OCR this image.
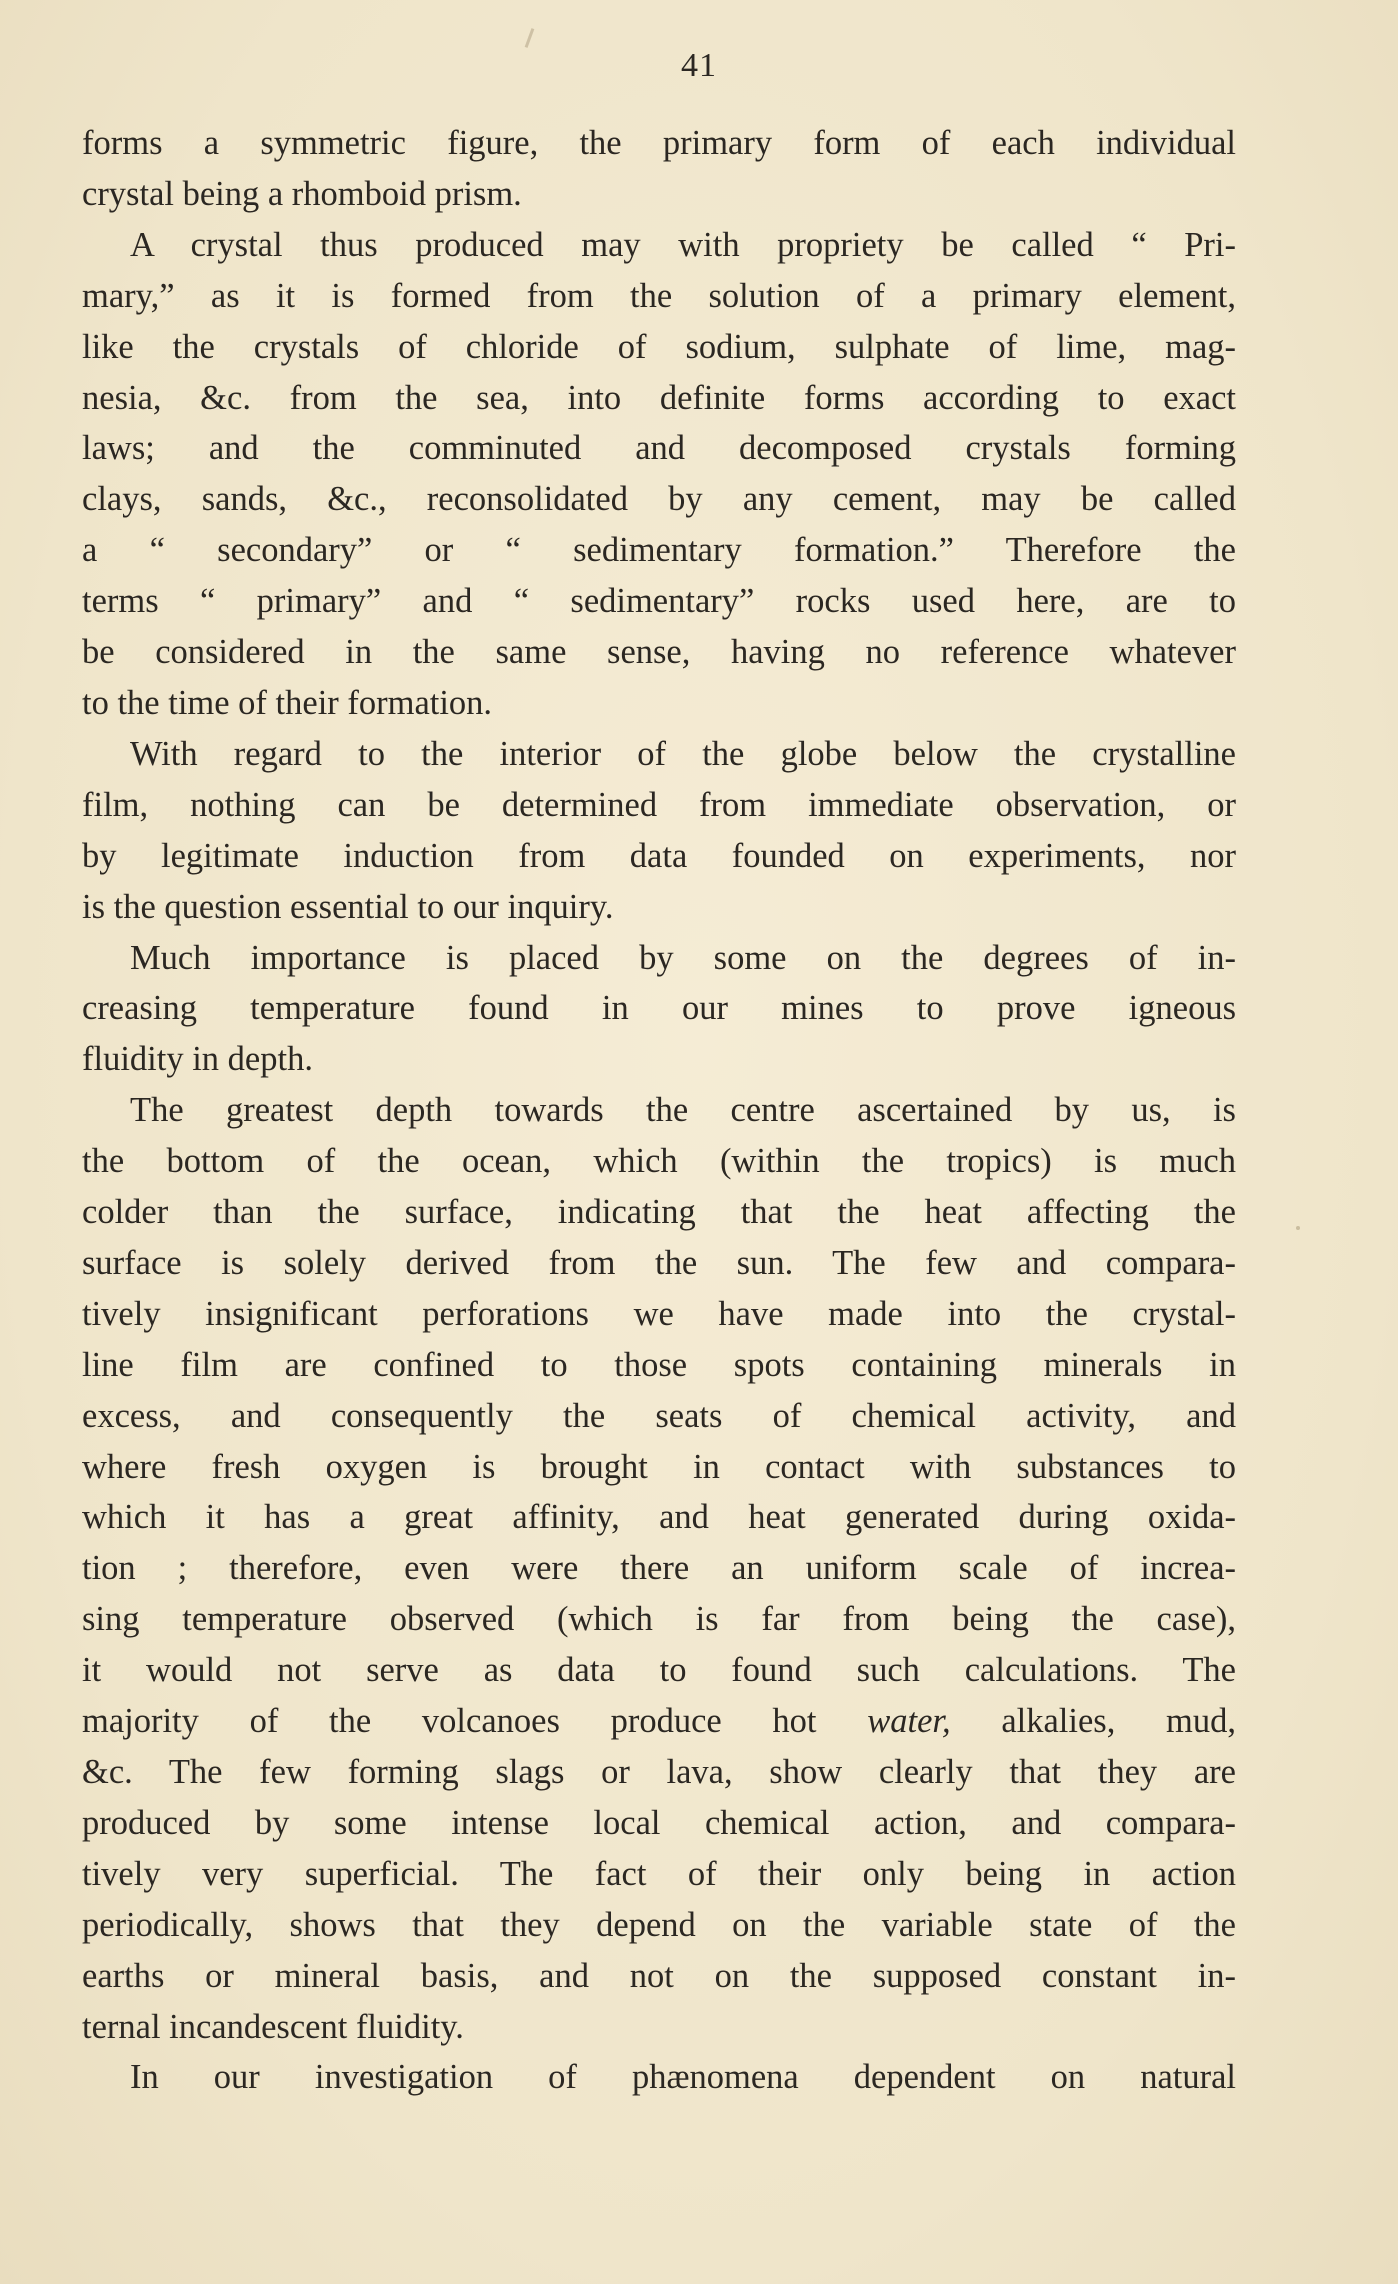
41
forms a symmetric figure, the primary form of each individual
crystal being a rhomboid prism.
A crystal thus produced may with propriety be called “ Pri-
mary,” as it is formed from the solution of a primary element,
like the crystals of chloride of sodium, sulphate of lime, mag-
nesia, &c. from the sea, into definite forms according to exact
laws; and the comminuted and decomposed crystals forming
clays, sands, &c., reconsolidated by any cement, may be called
a “ secondary” or “ sedimentary formation.” Therefore the
terms “ primary” and “ sedimentary” rocks used here, are to
be considered in the same sense, having no reference whatever
to the time of their formation.
With regard to the interior of the globe below the crystalline
film, nothing can be determined from immediate observation, or
by legitimate induction from data founded on experiments, nor
is the question essential to our inquiry.
Much importance is placed by some on the degrees of in-
creasing temperature found in our mines to prove igneous
fluidity in depth.
The greatest depth towards the centre ascertained by us, is
the bottom of the ocean, which (within the tropics) is much
colder than the surface, indicating that the heat affecting the
surface is solely derived from the sun. The few and compara-
tively insignificant perforations we have made into the crystal-
line film are confined to those spots containing minerals in
excess, and consequently the seats of chemical activity, and
where fresh oxygen is brought in contact with substances to
which it has a great affinity, and heat generated during oxida-
tion ; therefore, even were there an uniform scale of increa-
sing temperature observed (which is far from being the case),
it would not serve as data to found such calculations. The
majority of the volcanoes produce hot water, alkalies, mud,
&c. The few forming slags or lava, show clearly that they are
produced by some intense local chemical action, and compara-
tively very superficial. The fact of their only being in action
periodically, shows that they depend on the variable state of the
earths or mineral basis, and not on the supposed constant in-
ternal incandescent fluidity.
In our investigation of phænomena dependent on natural
